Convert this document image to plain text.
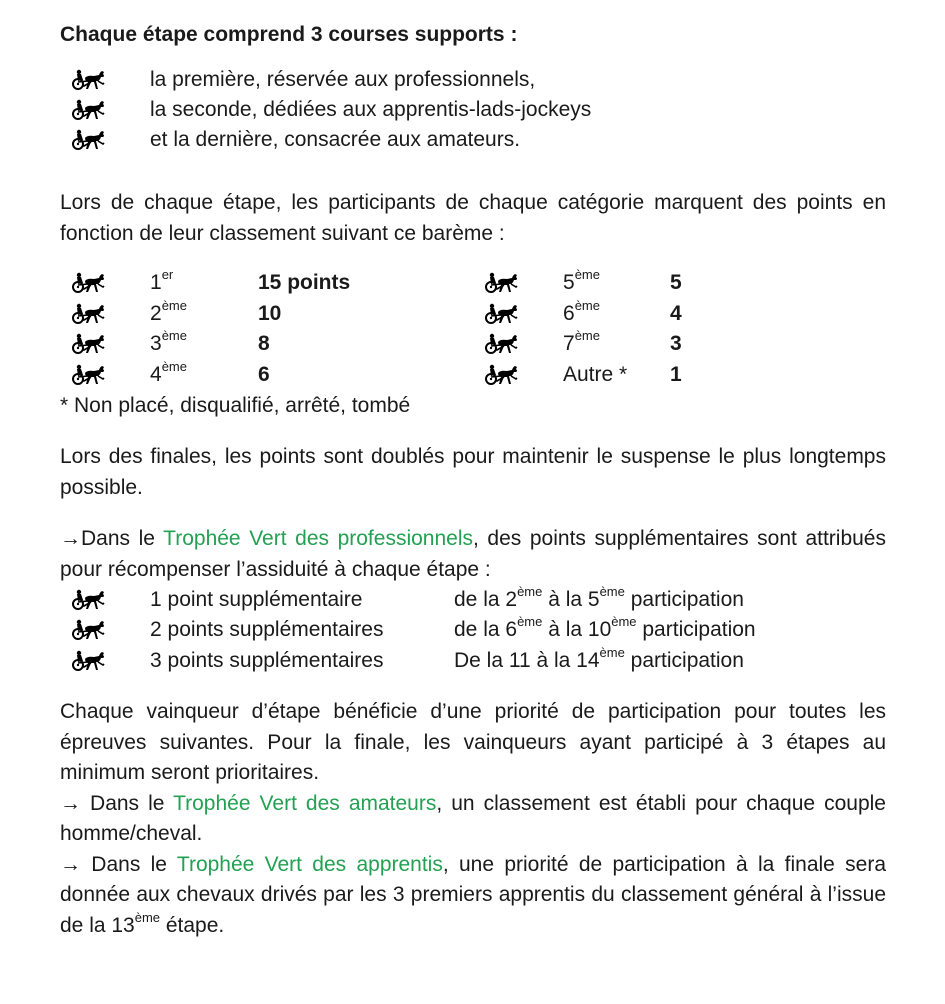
Chaque étape comprend 3 courses supports :
la première, réservée aux professionnels,
la seconde, dédiées aux apprentis-lads-jockeys
et la dernière, consacrée aux amateurs.

Lors de chaque étape, les participants de chaque catégorie marquent des points en fonction de leur classement suivant ce barème :

1er	15 points
2ème	10
3ème	8
4ème	6
5ème	5
6ème	4
7ème	3
Autre * 1
* Non placé, disqualifié, arrêté, tombé

Lors des finales, les points sont doublés pour maintenir le suspense le plus longtemps possible.

→Dans le Trophée Vert des professionnels, des points supplémentaires sont attribués pour récompenser l’assiduité à chaque étape :

1 point supplémentaire	de la 2ème à la 5ème participation
2 points supplémentaires	de la 6ème à la 10ème participation
3 points supplémentaires	De la 11 à la 14ème participation

Chaque vainqueur d’étape bénéficie d’une priorité de participation pour toutes les épreuves suivantes. Pour la finale, les vainqueurs ayant participé à 3 étapes au minimum seront prioritaires.

→ Dans le Trophée Vert des amateurs, un classement est établi pour chaque couple homme/cheval.

→ Dans le Trophée Vert des apprentis, une priorité de participation à la finale sera donnée aux chevaux drivés par les 3 premiers apprentis du classement général à l’issue de la 13ème étape.
